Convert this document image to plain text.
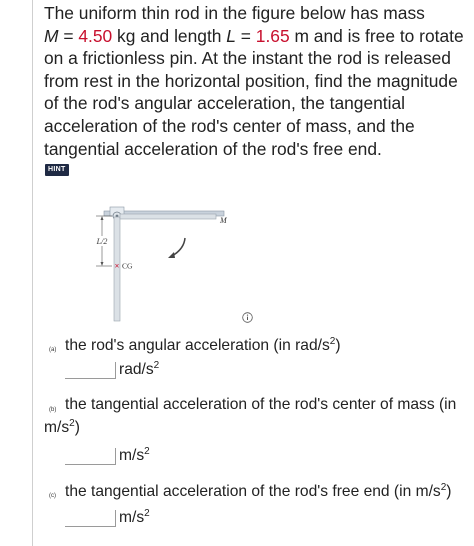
The uniform thin rod in the figure below has mass
M = 4.50 kg and length L = 1.65 m and is free to rotate on a frictionless pin. At the instant the rod is released from rest in the horizontal position, find the magnitude of the rod's angular acceleration, the tangential acceleration of the rod's center of mass, and the tangential acceleration of the rod's free end.
HINT
L/2
× CG
M
(a) the rod's angular acceleration (in rad/$s^2$)
rad/$s^2$
(b) the tangential acceleration of the rod's center of mass (in
$m/s^2$)
$m/s^2$
(c) the tangential acceleration of the rod's free end (in $m/s^2$)
$m/s^2$
